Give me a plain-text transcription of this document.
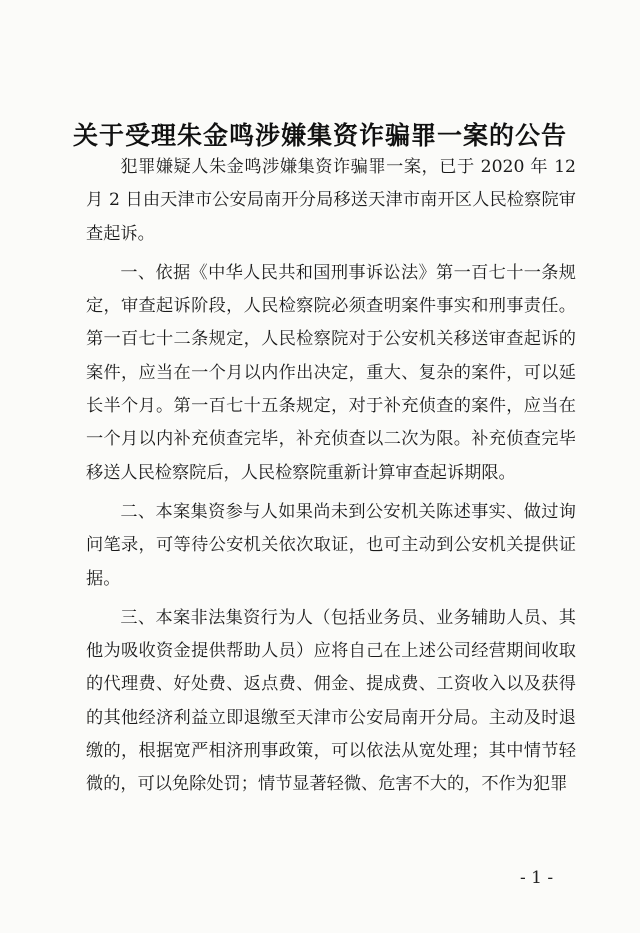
关于受理朱金鸣涉嫌集资诈骗罪一案的公告

犯罪嫌疑人朱金鸣涉嫌集资诈骗罪一案，已于 2020 年 12 月 2 日由天津市公安局南开分局移送天津市南开区人民检察院审查起诉。

一、依据《中华人民共和国刑事诉讼法》第一百七十一条规定，审查起诉阶段，人民检察院必须查明案件事实和刑事责任。第一百七十二条规定，人民检察院对于公安机关移送审查起诉的案件，应当在一个月以内作出决定，重大、复杂的案件，可以延长半个月。第一百七十五条规定，对于补充侦查的案件，应当在一个月以内补充侦查完毕，补充侦查以二次为限。补充侦查完毕移送人民检察院后，人民检察院重新计算审查起诉期限。

二、本案集资参与人如果尚未到公安机关陈述事实、做过询问笔录，可等待公安机关依次取证，也可主动到公安机关提供证据。

三、本案非法集资行为人（包括业务员、业务辅助人员、其他为吸收资金提供帮助人员）应将自己在上述公司经营期间收取的代理费、好处费、返点费、佣金、提成费、工资收入以及获得的其他经济利益立即退缴至天津市公安局南开分局。主动及时退缴的，根据宽严相济刑事政策，可以依法从宽处理；其中情节轻微的，可以免除处罚；情节显著轻微、危害不大的，不作为犯罪

- 1 -
